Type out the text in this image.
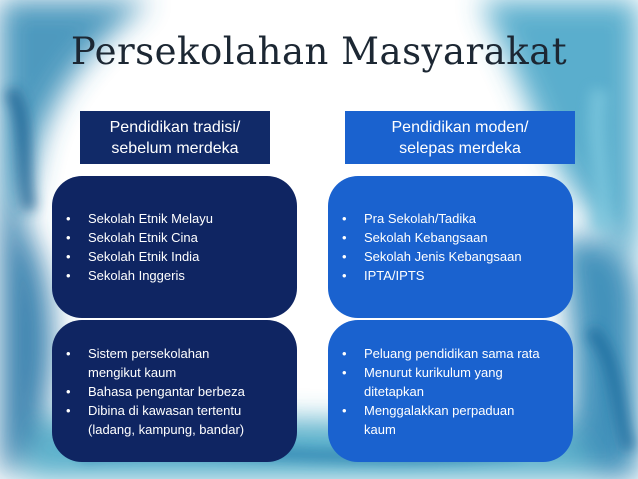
Persekolahan Masyarakat
Pendidikan tradisi/
sebelum merdeka
Pendidikan moden/
selepas merdeka
• Sekolah Etnik Melayu
• Sekolah Etnik Cina
• Sekolah Etnik India
• Sekolah Inggeris
• Pra Sekolah/Tadika
• Sekolah Kebangsaan
• Sekolah Jenis Kebangsaan
• IPTA/IPTS
• Sistem persekolahan
mengikut kaum
• Bahasa pengantar berbeza
• Dibina di kawasan tertentu
(ladang, kampung, bandar)
• Peluang pendidikan sama rata
• Menurut kurikulum yang
ditetapkan
• Menggalakkan perpaduan
kaum
